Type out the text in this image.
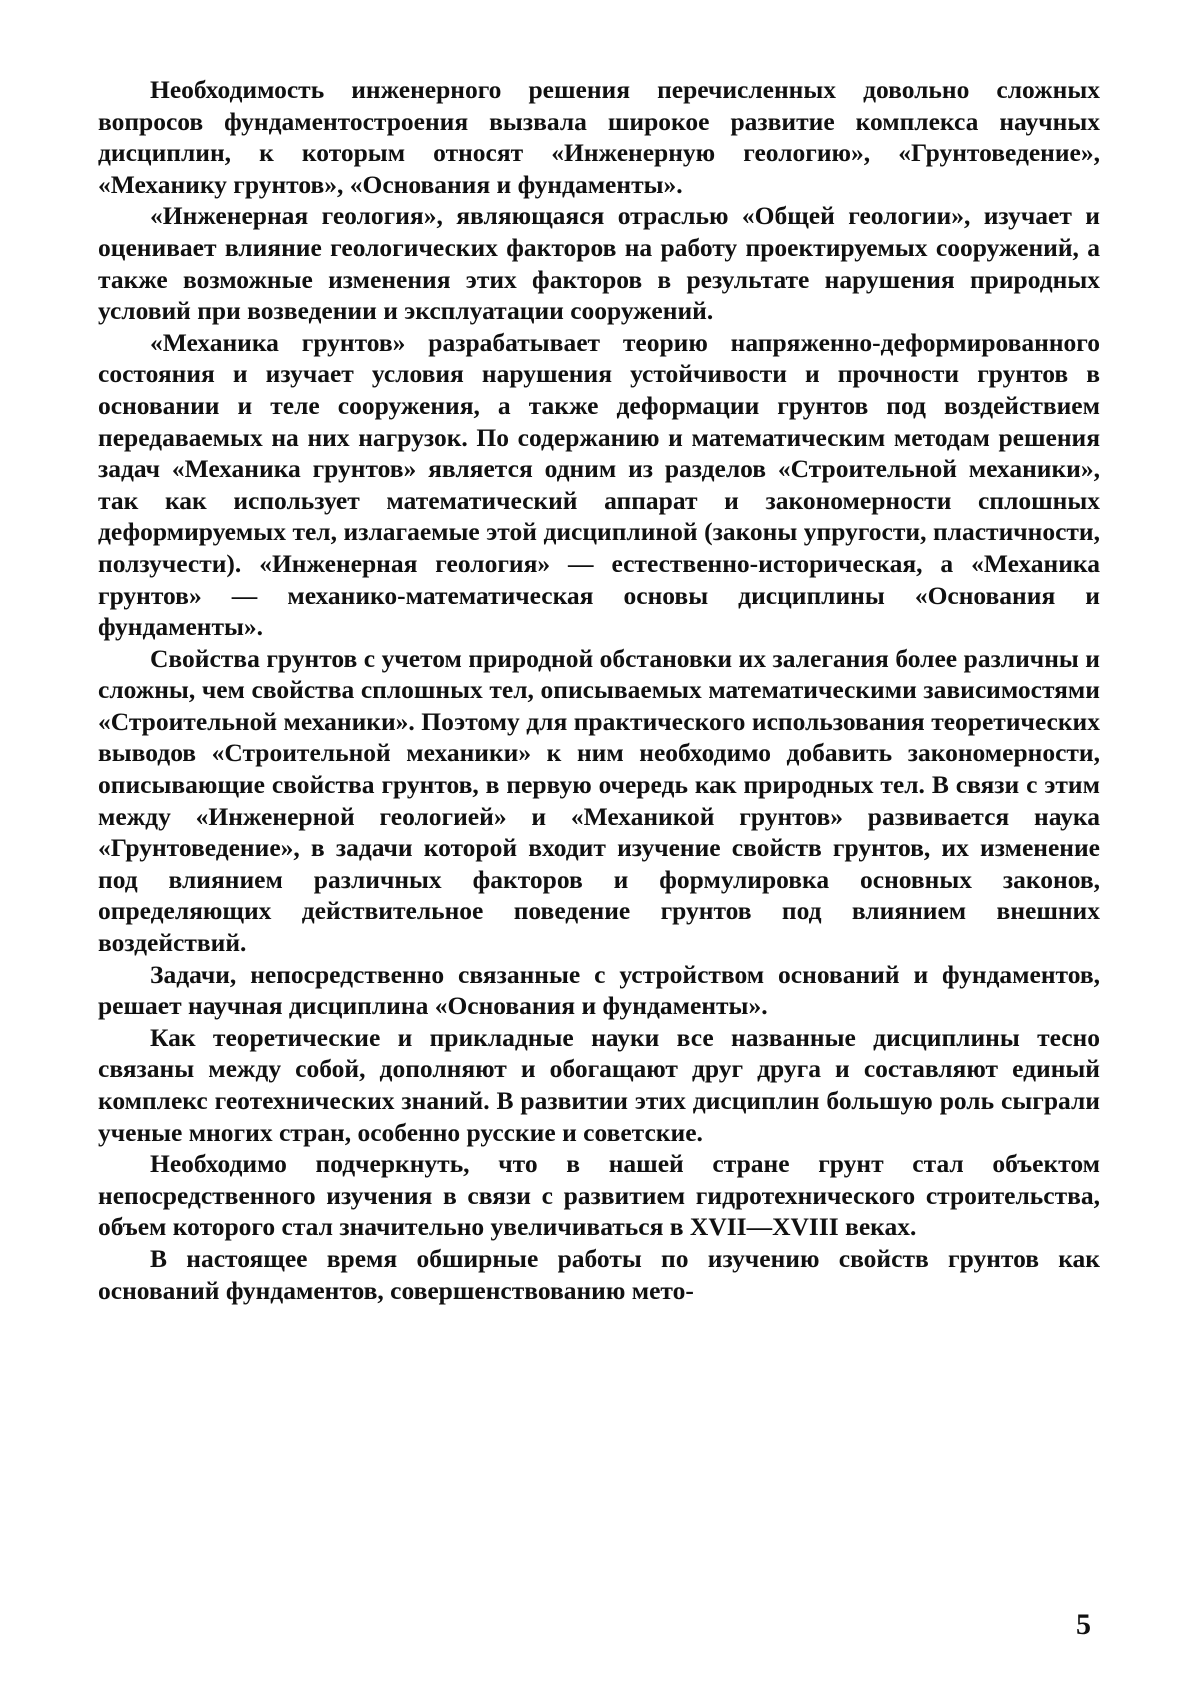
Необходимость инженерного решения перечисленных довольно сложных вопросов фундаментостроения вызвала широкое развитие комплекса научных дисциплин, к которым относят «Инженерную геологию», «Грунтоведение», «Механику грунтов», «Основания и фундаменты».

«Инженерная геология», являющаяся отраслью «Общей геологии», изучает и оценивает влияние геологических факторов на работу проектируемых сооружений, а также возможные изменения этих факторов в результате нарушения природных условий при возведении и эксплуатации сооружений.

«Механика грунтов» разрабатывает теорию напряженно-деформированного состояния и изучает условия нарушения устойчивости и прочности грунтов в основании и теле сооружения, а также деформации грунтов под воздействием передаваемых на них нагрузок. По содержанию и математическим методам решения задач «Механика грунтов» является одним из разделов «Строительной механики», так как использует математический аппарат и закономерности сплошных деформируемых тел, излагаемые этой дисциплиной (законы упругости, пластичности, ползучести). «Инженерная геология» — естественно-историческая, а «Механика грунтов» — механико-математическая основы дисциплины «Основания и фундаменты».

Свойства грунтов с учетом природной обстановки их залегания более различны и сложны, чем свойства сплошных тел, описываемых математическими зависимостями «Строительной механики». Поэтому для практического использования теоретических выводов «Строительной механики» к ним необходимо добавить закономерности, описывающие свойства грунтов, в первую очередь как природных тел. В связи с этим между «Инженерной геологией» и «Механикой грунтов» развивается наука «Грунтоведение», в задачи которой входит изучение свойств грунтов, их изменение под влиянием различных факторов и формулировка основных законов, определяющих действительное поведение грунтов под влиянием внешних воздействий.

Задачи, непосредственно связанные с устройством оснований и фундаментов, решает научная дисциплина «Основания и фундаменты».

Как теоретические и прикладные науки все названные дисциплины тесно связаны между собой, дополняют и обогащают друг друга и составляют единый комплекс геотехнических знаний. В развитии этих дисциплин большую роль сыграли ученые многих стран, особенно русские и советские.

Необходимо подчеркнуть, что в нашей стране грунт стал объектом непосредственного изучения в связи с развитием гидротехнического строительства, объем которого стал значительно увеличиваться в XVII—XVIII веках.

В настоящее время обширные работы по изучению свойств грунтов как оснований фундаментов, совершенствованию мето-

5
